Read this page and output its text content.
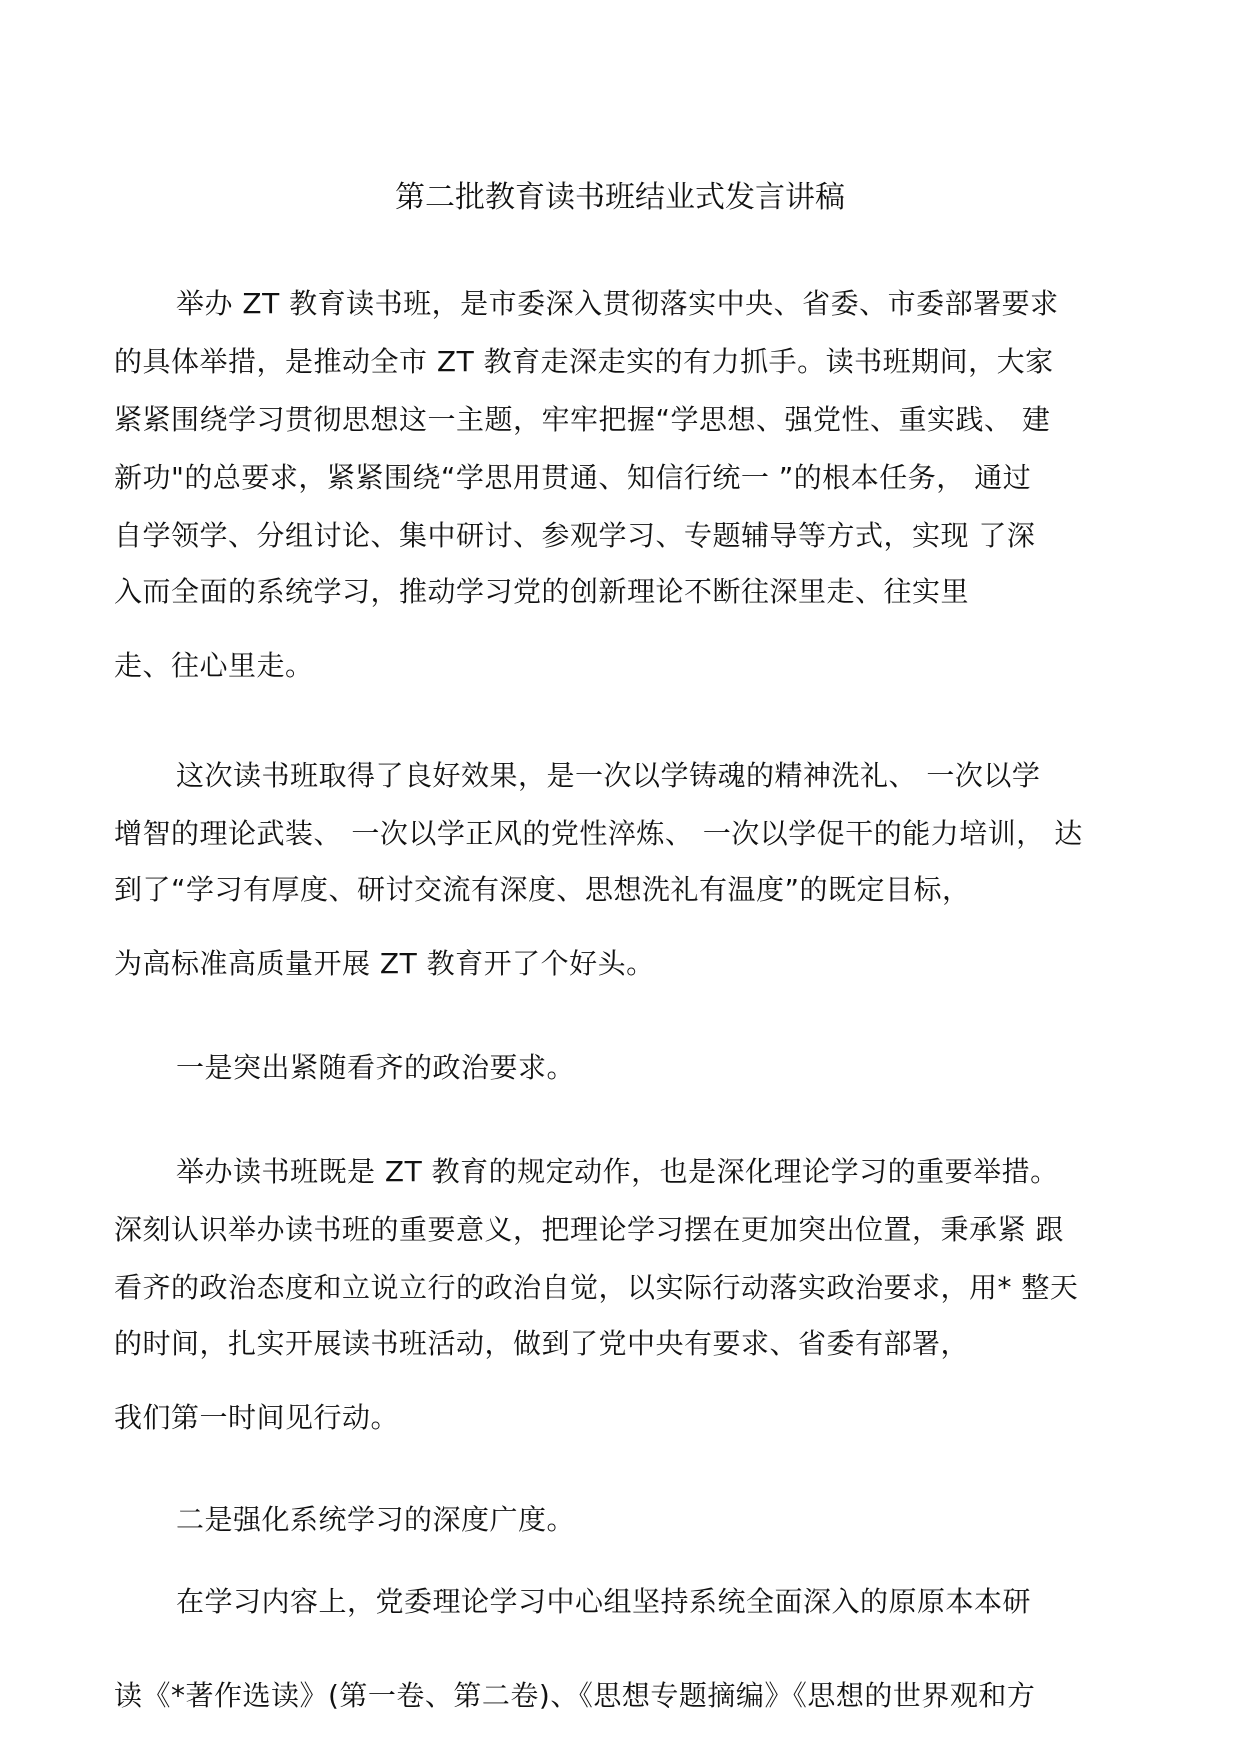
第二批教育读书班结业式发言讲稿
举办 ZT 教育读书班，是市委深入贯彻落实中央、省委、市委部署要求
的具体举措，是推动全市 ZT 教育走深走实的有力抓手。读书班期间，大家
紧紧围绕学习贯彻思想这一主题，牢牢把握“学思想、强党性、重实践、 建
新功"的总要求，紧紧围绕“学思用贯通、知信行统一 ”的根本任务， 通过
自学领学、分组讨论、集中研讨、参观学习、专题辅导等方式，实现 了深
入而全面的系统学习，推动学习党的创新理论不断往深里走、往实里
走、往心里走。
这次读书班取得了良好效果，是一次以学铸魂的精神洗礼、 一次以学
增智的理论武装、 一次以学正风的党性淬炼、 一次以学促干的能力培训， 达
到了“学习有厚度、研讨交流有深度、思想洗礼有温度”的既定目标，
为高标准高质量开展 ZT 教育开了个好头。
一是突出紧随看齐的政治要求。
举办读书班既是 ZT 教育的规定动作，也是深化理论学习的重要举措。
深刻认识举办读书班的重要意义，把理论学习摆在更加突出位置，秉承紧 跟
看齐的政治态度和立说立行的政治自觉，以实际行动落实政治要求，用* 整天
的时间，扎实开展读书班活动，做到了党中央有要求、省委有部署，
我们第一时间见行动。
二是强化系统学习的深度广度。
在学习内容上，党委理论学习中心组坚持系统全面深入的原原本本研
读《*著作选读》(第一卷、第二卷)、《思想专题摘编》《思想的世界观和方
